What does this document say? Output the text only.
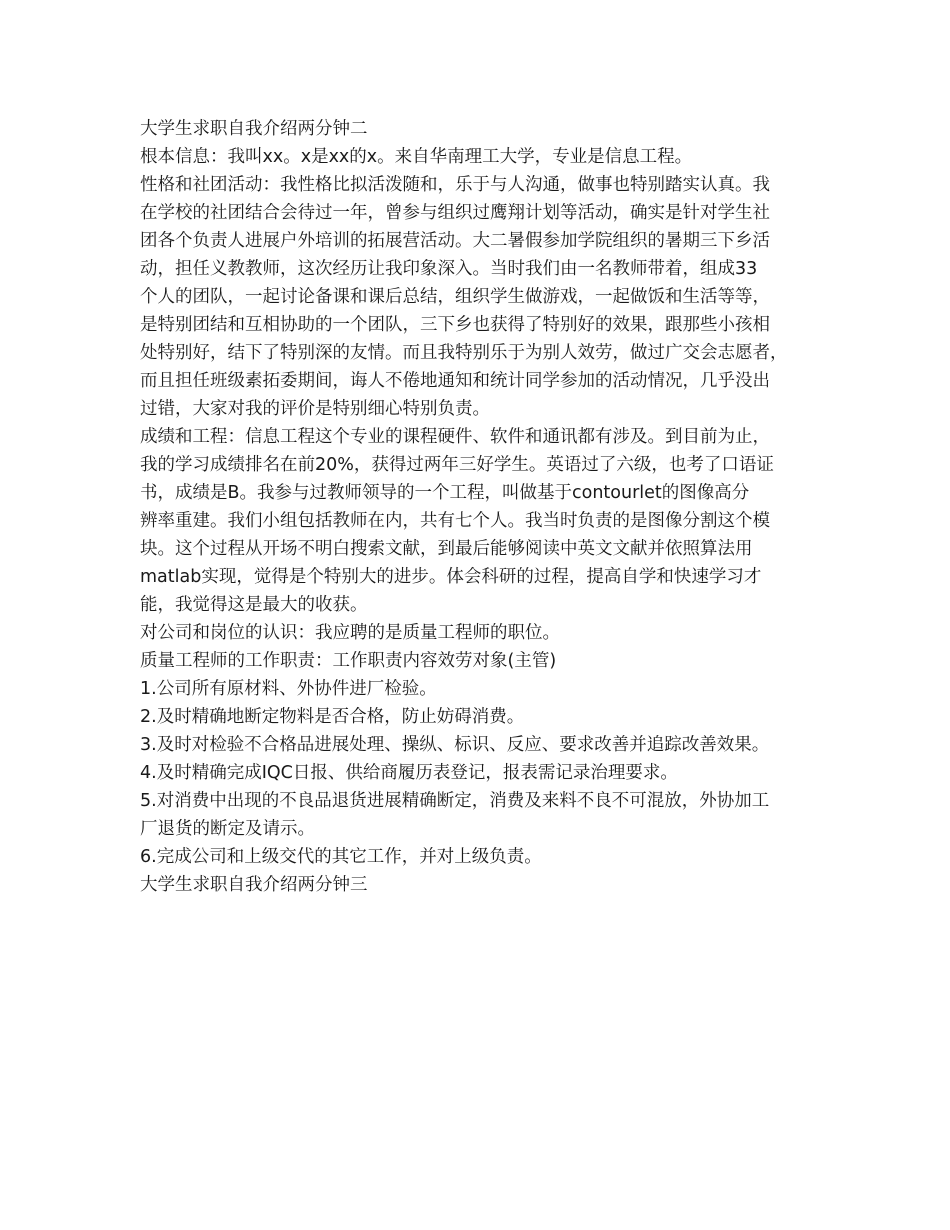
大学生求职自我介绍两分钟二
根本信息：我叫xx。x是xx的x。来自华南理工大学，专业是信息工程。
性格和社团活动：我性格比拟活泼随和，乐于与人沟通，做事也特别踏实认真。我
在学校的社团结合会待过一年，曾参与组织过鹰翔计划等活动，确实是针对学生社
团各个负责人进展户外培训的拓展营活动。大二暑假参加学院组织的暑期三下乡活
动，担任义教教师，这次经历让我印象深入。当时我们由一名教师带着，组成33
个人的团队，一起讨论备课和课后总结，组织学生做游戏，一起做饭和生活等等，
是特别团结和互相协助的一个团队，三下乡也获得了特别好的效果，跟那些小孩相
处特别好，结下了特别深的友情。而且我特别乐于为别人效劳，做过广交会志愿者，
而且担任班级素拓委期间，诲人不倦地通知和统计同学参加的活动情况，几乎没出
过错，大家对我的评价是特别细心特别负责。
成绩和工程：信息工程这个专业的课程硬件、软件和通讯都有涉及。到目前为止，
我的学习成绩排名在前20%，获得过两年三好学生。英语过了六级，也考了口语证
书，成绩是B。我参与过教师领导的一个工程，叫做基于contourlet的图像高分
辨率重建。我们小组包括教师在内，共有七个人。我当时负责的是图像分割这个模
块。这个过程从开场不明白搜索文献，到最后能够阅读中英文文献并依照算法用
matlab实现，觉得是个特别大的进步。体会科研的过程，提高自学和快速学习才
能，我觉得这是最大的收获。
对公司和岗位的认识：我应聘的是质量工程师的职位。
质量工程师的工作职责：工作职责内容效劳对象(主管)
1.公司所有原材料、外协件进厂检验。
2.及时精确地断定物料是否合格，防止妨碍消费。
3.及时对检验不合格品进展处理、操纵、标识、反应、要求改善并追踪改善效果。
4.及时精确完成IQC日报、供给商履历表登记，报表需记录治理要求。
5.对消费中出现的不良品退货进展精确断定，消费及来料不良不可混放，外协加工
厂退货的断定及请示。
6.完成公司和上级交代的其它工作，并对上级负责。
大学生求职自我介绍两分钟三
